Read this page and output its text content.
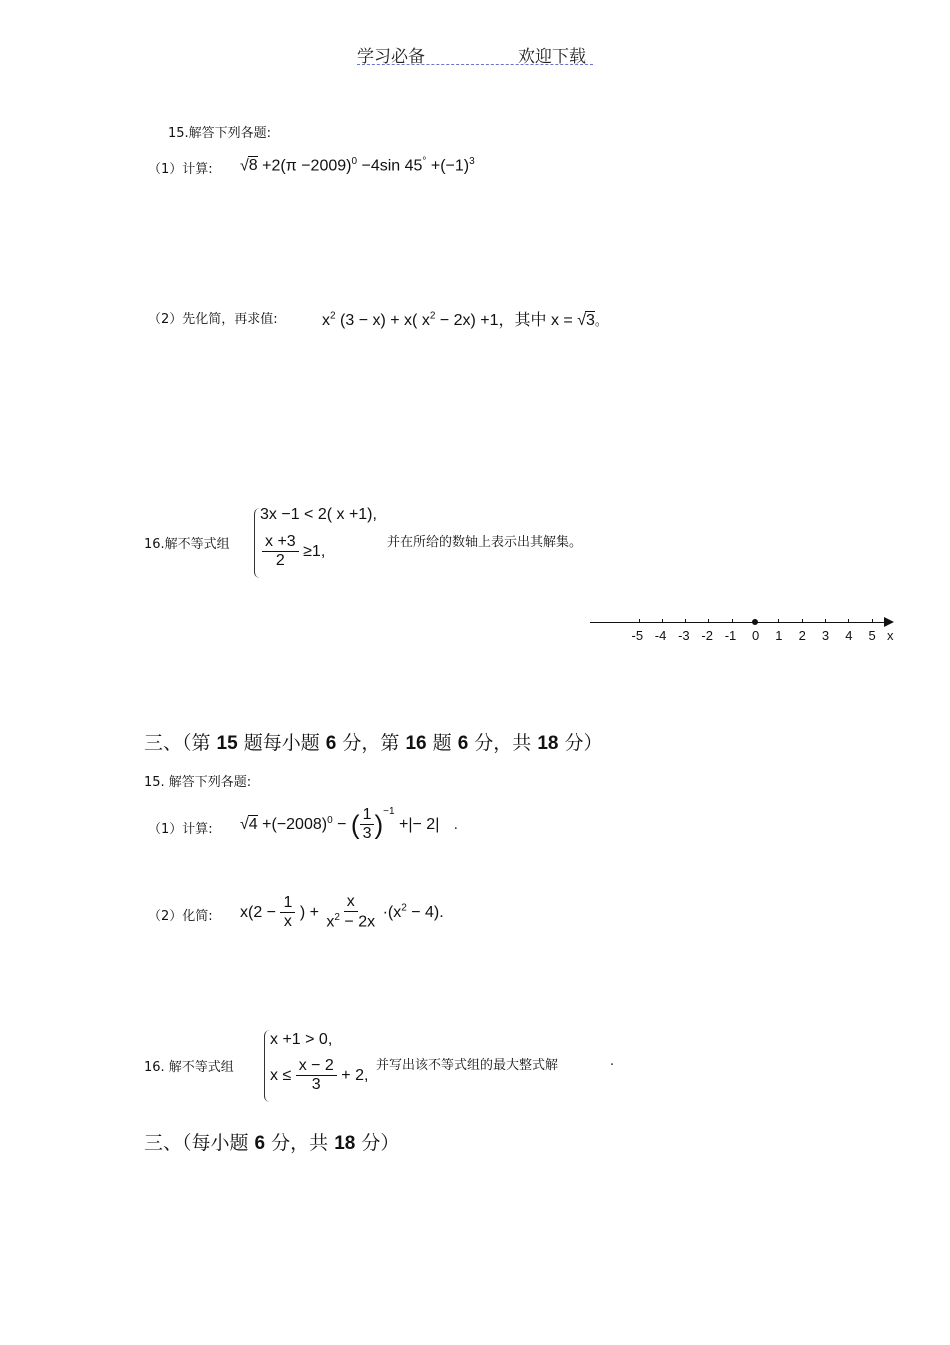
学习必备	欢迎下载
15.解答下列各题:
（1）计算: $√8 +2(\pi -2009)^0 -4\sin$ $45^\circ +(-1)^3$
（2）先化简，再求值:	$x^2$ (3 − x) + x( $x^2 - 2x) +1$，其中 x = √3。
16.解不等式组
3x −1 < 2( x +1),
$\frac{x +3}{2} \ge 1$,
并在所给的数轴上表示出其解集。
-5 -4 -3 -2 -1 0 1 2 3 4 5 x
三、（第 15 题每小题 6 分，第 16 题 6 分，共 18 分）
15. 解答下列各题:
（1）计算: $√4 +(-2008)^0$ − ( $\frac{1}{3} )^{-1}$ +|− 2| .
（2）化简: $x(2 - \frac{1}{x}$ ) + $\frac{x}{x^2 - 2x} \cdot(x^2 - 4)$.
16. 解不等式组
x +1 > 0,
$x \le \frac{x - 2}{3} + 2$,
并写出该不等式组的最大整式解	.
三、（每小题 6 分，共 18 分）
